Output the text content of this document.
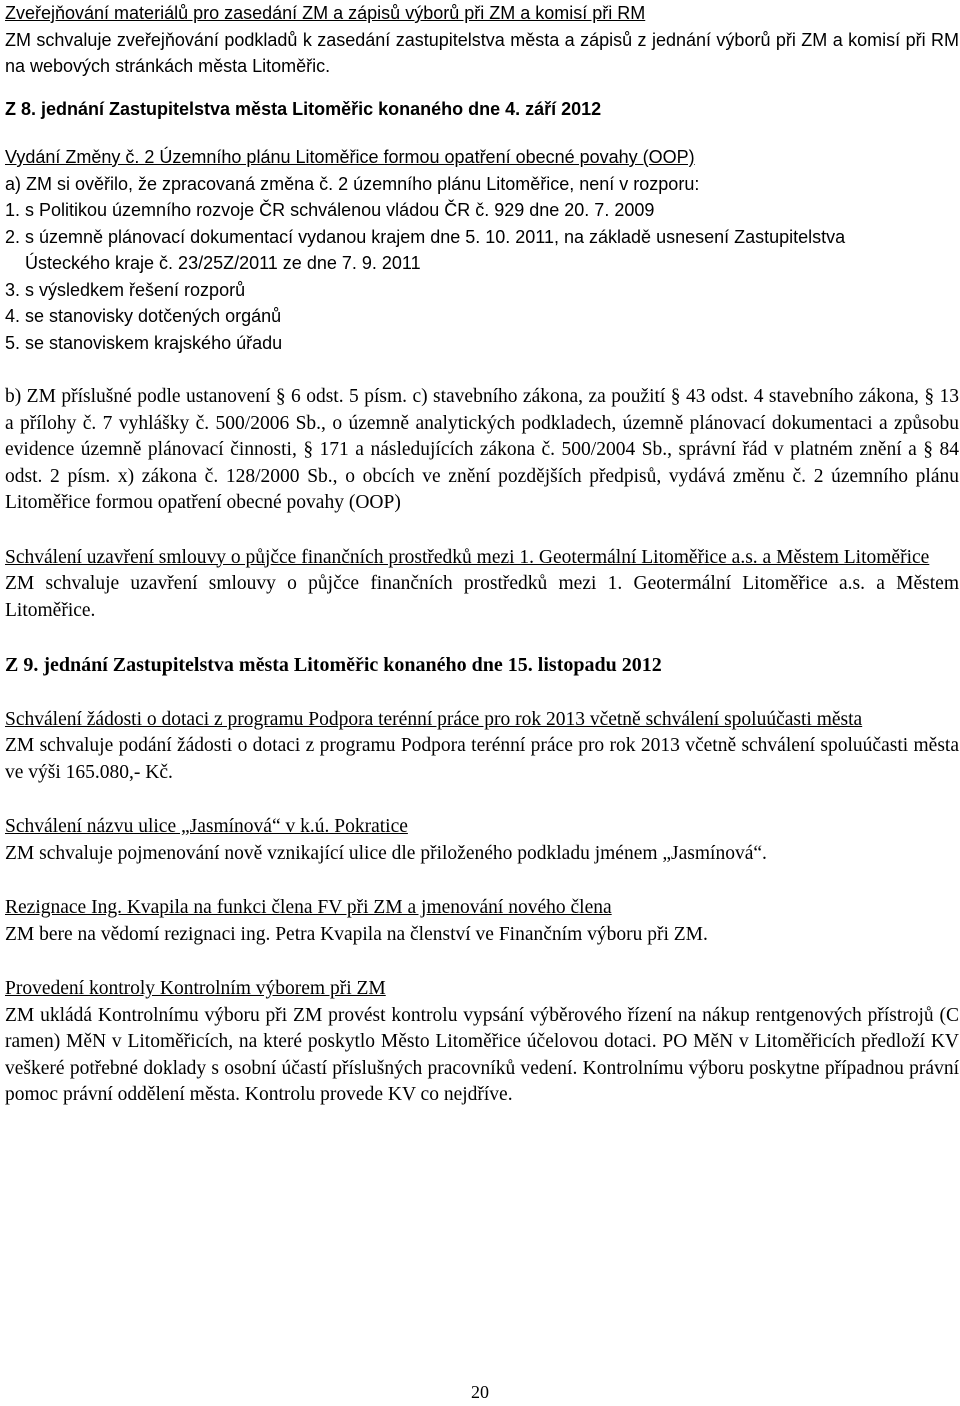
Zveřejňování materiálů pro zasedání ZM a zápisů výborů při ZM a komisí při RM

ZM schvaluje zveřejňování podkladů k zasedání zastupitelstva města a zápisů z jednání výborů při ZM a komisí při RM na webových stránkách města Litoměřic.

Z 8. jednání Zastupitelstva města Litoměřic konaného dne 4. září 2012

Vydání Změny č. 2 Územního plánu Litoměřice formou opatření obecné povahy (OOP)

a) ZM si ověřilo, že zpracovaná změna č. 2 územního plánu Litoměřice, není v rozporu:

1. s Politikou územního rozvoje ČR schválenou vládou ČR č. 929 dne 20. 7. 2009
2. s územně plánovací dokumentací vydanou krajem dne 5. 10. 2011, na základě usnesení Zastupitelstva Ústeckého kraje č. 23/25Z/2011 ze dne 7. 9. 2011
3. s výsledkem řešení rozporů
4. se stanovisky dotčených orgánů
5. se stanoviskem krajského úřadu

b) ZM příslušné podle ustanovení § 6 odst. 5 písm. c) stavebního zákona, za použití § 43 odst. 4 stavebního zákona, § 13 a přílohy č. 7 vyhlášky č. 500/2006 Sb., o územně analytických podkladech, územně plánovací dokumentaci a způsobu evidence územně plánovací činnosti, § 171 a následujících zákona č. 500/2004 Sb., správní řád v platném znění a § 84 odst. 2 písm. x) zákona č. 128/2000 Sb., o obcích ve znění pozdějších předpisů, vydává změnu č. 2 územního plánu Litoměřice formou opatření obecné povahy (OOP)

Schválení uzavření smlouvy o půjčce finančních prostředků mezi 1. Geotermální Litoměřice a.s. a Městem Litoměřice

ZM schvaluje uzavření smlouvy o půjčce finančních prostředků mezi 1. Geotermální Litoměřice a.s. a Městem Litoměřice.

Z 9. jednání Zastupitelstva města Litoměřic konaného dne 15. listopadu 2012

Schválení žádosti o dotaci z programu Podpora terénní práce pro rok 2013 včetně schválení spoluúčasti města

ZM schvaluje podání žádosti o dotaci z programu Podpora terénní práce pro rok 2013 včetně schválení spoluúčasti města ve výši 165.080,- Kč.

Schválení názvu ulice „Jasmínová“ v k.ú. Pokratice

ZM schvaluje pojmenování nově vznikající ulice dle přiloženého podkladu jménem „Jasmínová“.

Rezignace Ing. Kvapila na funkci člena FV při ZM a jmenování nového člena

ZM bere na vědomí rezignaci ing. Petra Kvapila na členství ve Finančním výboru při ZM.

Provedení kontroly Kontrolním výborem při ZM

ZM ukládá Kontrolnímu výboru při ZM provést kontrolu vypsání výběrového řízení na nákup rentgenových přístrojů (C ramen) MěN v Litoměřicích, na které poskytlo Město Litoměřice účelovou dotaci. PO MěN v Litoměřicích předloží KV veškeré potřebné doklady s osobní účastí příslušných pracovníků vedení. Kontrolnímu výboru poskytne případnou právní pomoc právní oddělení města. Kontrolu provede KV co nejdříve.

20
